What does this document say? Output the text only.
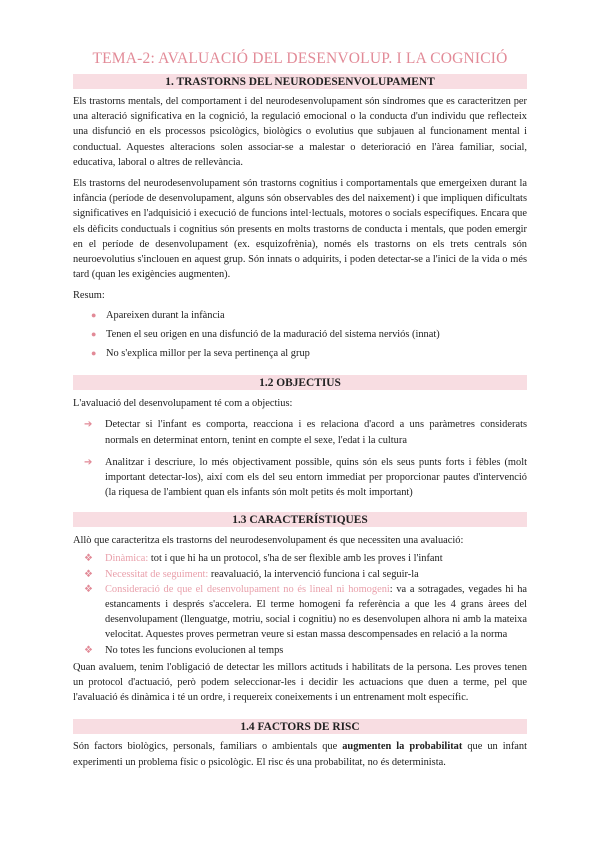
TEMA-2: AVALUACIÓ DEL DESENVOLUP. I LA COGNICIÓ
1. TRASTORNS DEL NEURODESENVOLUPAMENT

Els trastorns mentals, del comportament i del neurodesenvolupament són síndromes que es caracteritzen per una alteració significativa en la cognició, la regulació emocional o la conducta d'un individu que reflecteix una disfunció en els processos psicològics, biològics o evolutius que subjauen al funcionament mental i conductual. Aquestes alteracions solen associar-se a malestar o deterioració en l'àrea familiar, social, educativa, laboral o altres de rellevància.

Els trastorns del neurodesenvolupament són trastorns cognitius i comportamentals que emergeixen durant la infància (període de desenvolupament, alguns són observables des del naixement) i que impliquen dificultats significatives en l'adquisició i execució de funcions intel·lectuals, motores o socials específiques. Encara que els dèficits conductuals i cognitius són presents en molts trastorns de conducta i mentals, que poden emergir en el període de desenvolupament (ex. esquizofrènia), només els trastorns on els trets centrals són neuroevolutius s'inclouen en aquest grup. Són innats o adquirits, i poden detectar-se a l'inici de la vida o més tard (quan les exigències augmenten).

Resum:

● Apareixen durant la infància
● Tenen el seu origen en una disfunció de la maduració del sistema nerviós (innat)
● No s'explica millor per la seva pertinença al grup
1.2 OBJECTIUS

L'avaluació del desenvolupament té com a objectius:

➔ Detectar si l'infant es comporta, reacciona i es relaciona d'acord a uns paràmetres considerats normals en determinat entorn, tenint en compte el sexe, l'edat i la cultura
➔ Analitzar i descriure, lo més objectivament possible, quins són els seus punts forts i fèbles (molt important detectar-los), així com els del seu entorn immediat per proporcionar pautes d'intervenció (la riquesa de l'ambient quan els infants són molt petits és molt important)
1.3 CARACTERÍSTIQUES

Allò que caracteritza els trastorns del neurodesenvolupament és que necessiten una avaluació:

❖ Dinàmica: tot i que hi ha un protocol, s'ha de ser flexible amb les proves i l'infant
❖ Necessitat de seguiment: reavaluació, la intervenció funciona i cal seguir-la
❖ Consideració de que el desenvolupament no és lineal ni homogeni: va a sotragades, vegades hi ha estancaments i després s'accelera. El terme homogeni fa referència a que les 4 grans àrees del desenvolupament (llenguatge, motriu, social i cognitiu) no es desenvolupen alhora ni amb la mateixa velocitat. Aquestes proves permetran veure si estan massa descompensades en relació a la norma
❖ No totes les funcions evolucionen al temps

Quan avaluem, tenim l'obligació de detectar les millors actituds i habilitats de la persona. Les proves tenen un protocol d'actuació, però podem seleccionar-les i decidir les actuacions que duen a terme, pel que l'avaluació és dinàmica i té un ordre, i requereix coneixements i un entrenament molt específic.

1.4 FACTORS DE RISC

Són factors biològics, personals, familiars o ambientals que augmenten la probabilitat que un infant experimenti un problema físic o psicològic. El risc és una probabilitat, no és determinista.
